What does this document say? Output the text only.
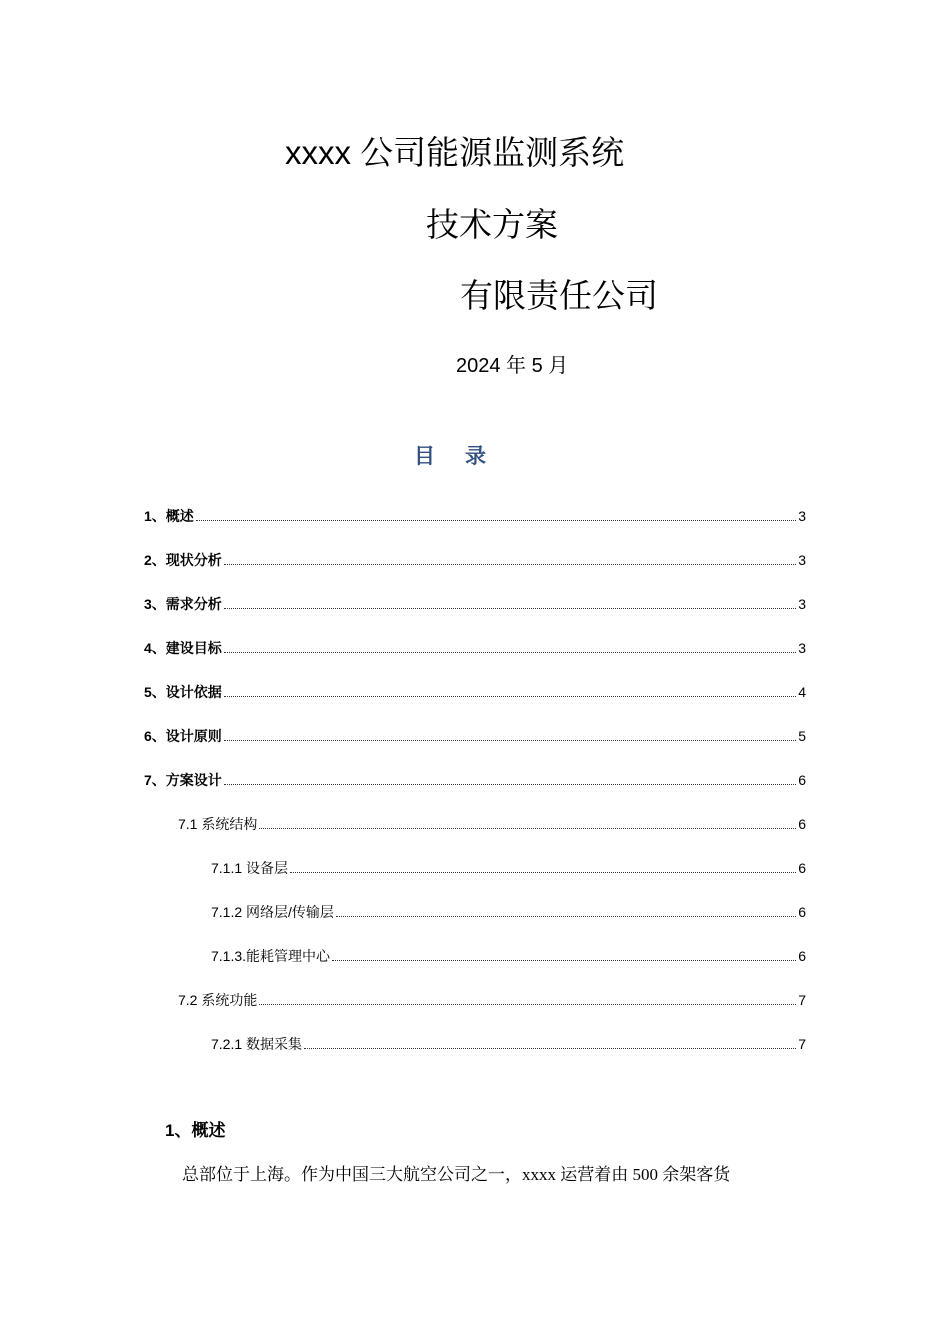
xxxx 公司能源监测系统
技术方案
有限责任公司
2024 年 5 月
目录
1、概述	3
2、现状分析	3
3、需求分析	3
4、建设目标	3
5、设计依据	4
6、设计原则	5
7、方案设计	6
7.1 系统结构	6
7.1.1 设备层	6
7.1.2 网络层/传输层	6
7.1.3.能耗管理中心	6
7.2 系统功能	7
7.2.1 数据采集	7
1、概述
总部位于上海。作为中国三大航空公司之一，xxxx 运营着由 500 余架客货
